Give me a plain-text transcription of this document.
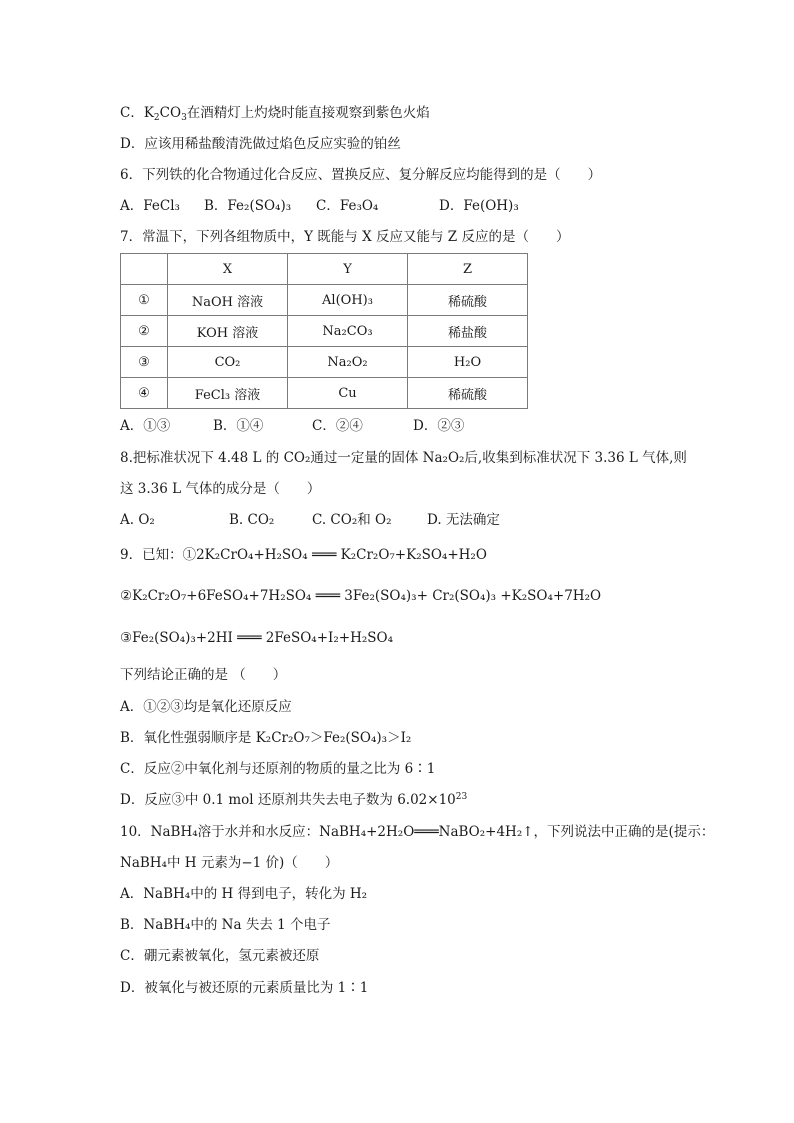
C．$K_2CO_3$在酒精灯上灼烧时能直接观察到紫色火焰
D．应该用稀盐酸清洗做过焰色反应实验的铂丝
6．下列铁的化合物通过化合反应、置换反应、复分解反应均能得到的是（　　）
A．FeCl₃ B．Fe₂(SO₄)₃ C．Fe₃O₄	D．Fe(OH)₃
7．常温下，下列各组物质中，Y 既能与 X 反应又能与 Z 反应的是（　　）
	X	Y	Z
①	NaOH 溶液	Al(OH)₃	稀硫酸
②	KOH 溶液	Na₂CO₃	稀盐酸
③	CO₂	Na₂O₂	H₂O
④	FeCl₃ 溶液	Cu	稀硫酸
A．①③	B．①④	C．②④	D．②③
8.把标准状况下 4.48 L 的 CO₂通过一定量的固体 Na₂O₂后,收集到标准状况下 3.36 L 气体,则
这 3.36 L 气体的成分是（　　）
A. O₂	B. CO₂	C. CO₂和 O₂	D. 无法确定
9．已知：①2K₂CrO₄+H₂SO₄ ═══ K₂Cr₂O₇+K₂SO₄+H₂O
②K₂Cr₂O₇+6FeSO₄+7H₂SO₄ ═══ 3Fe₂(SO₄)₃+ Cr₂(SO₄)₃ +K₂SO₄+7H₂O
③Fe₂(SO₄)₃+2HI ═══ 2FeSO₄+I₂+H₂SO₄
下列结论正确的是 （　　）
A．①②③均是氧化还原反应
B．氧化性强弱顺序是 K₂Cr₂O₇＞Fe₂(SO₄)₃＞I₂
C．反应②中氧化剂与还原剂的物质的量之比为 6∶1
D．反应③中 0.1 mol 还原剂共失去电子数为 $6.02\times 10^{23}$
10．NaBH₄溶于水并和水反应：NaBH₄+2H₂O═══NaBO₂+4H₂↑，下列说法中正确的是(提示：
NaBH₄中 H 元素为−1 价)（　　）
A．NaBH₄中的 H 得到电子，转化为 H₂
B．NaBH₄中的 Na 失去 1 个电子
C．硼元素被氧化，氢元素被还原
D．被氧化与被还原的元素质量比为 1∶1
